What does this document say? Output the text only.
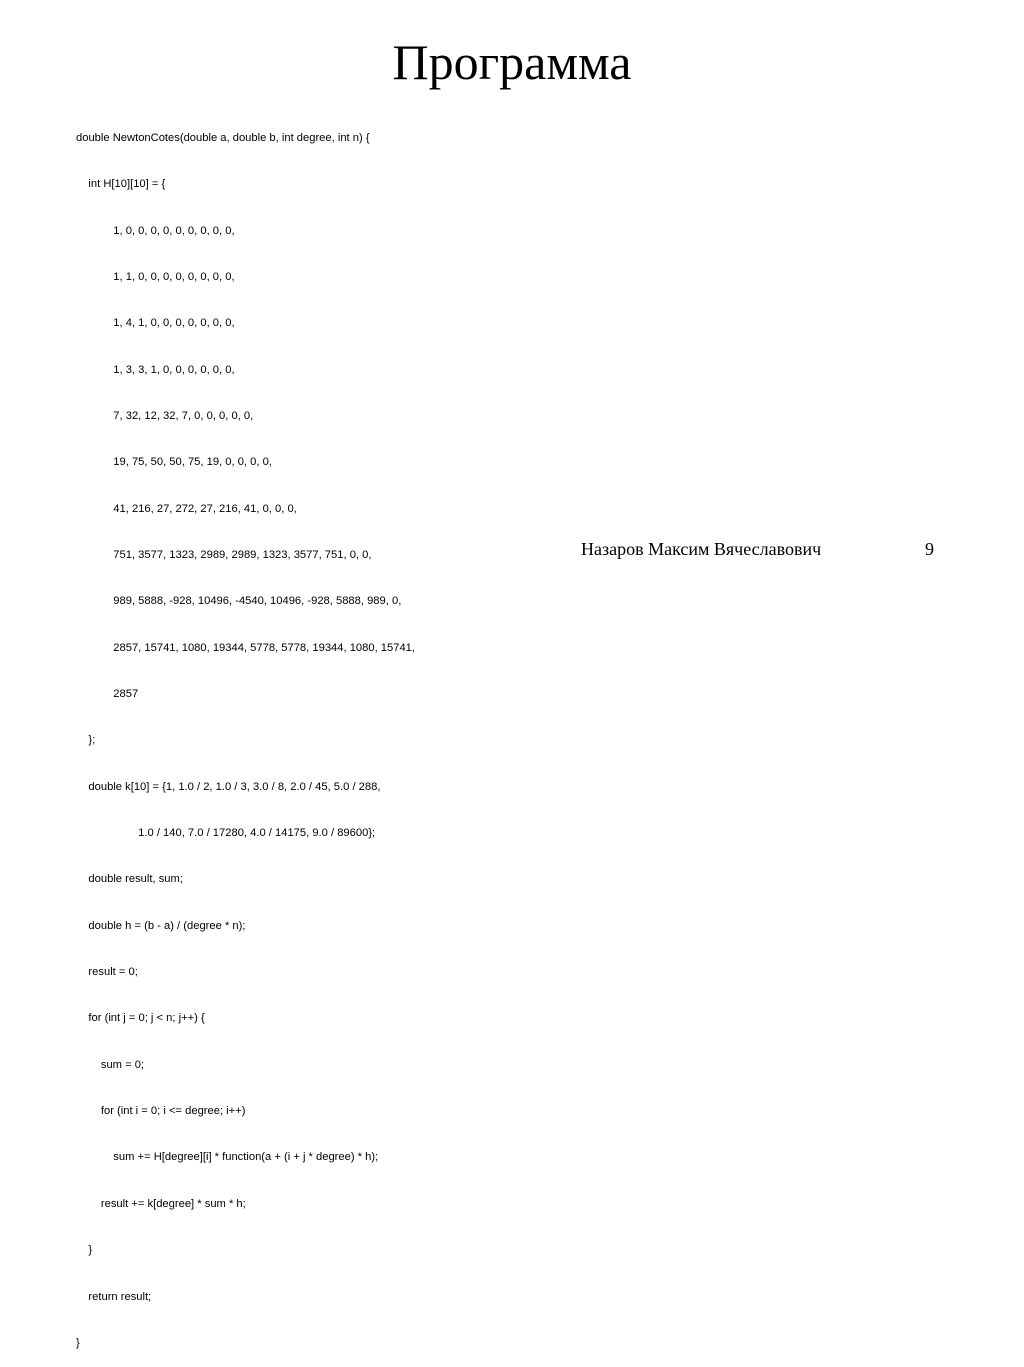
Программа

double NewtonCotes(double a, double b, int degree, int n) {

int H[10][10] = {

1, 0, 0, 0, 0, 0, 0, 0, 0, 0,

1, 1, 0, 0, 0, 0, 0, 0, 0, 0,

1, 4, 1, 0, 0, 0, 0, 0, 0, 0,

1, 3, 3, 1, 0, 0, 0, 0, 0, 0,

7, 32, 12, 32, 7, 0, 0, 0, 0, 0,

19, 75, 50, 50, 75, 19, 0, 0, 0, 0,

41, 216, 27, 272, 27, 216, 41, 0, 0, 0,

751, 3577, 1323, 2989, 2989, 1323, 3577, 751, 0, 0,

989, 5888, -928, 10496, -4540, 10496, -928, 5888, 989, 0,

2857, 15741, 1080, 19344, 5778, 5778, 19344, 1080, 15741,

2857

};

double k[10] = {1, 1.0 / 2, 1.0 / 3, 3.0 / 8, 2.0 / 45, 5.0 / 288,

1.0 / 140, 7.0 / 17280, 4.0 / 14175, 9.0 / 89600};

double result, sum;

double h = (b - a) / (degree * n);

result = 0;

for (int j = 0; j < n; j++) {

sum = 0;

for (int i = 0; i <= degree; i++)

sum += H[degree][i] * function(a + (i + j * degree) * h);

result += k[degree] * sum * h;

}

return result;

}

Назаров Максим Вячеславович	9
